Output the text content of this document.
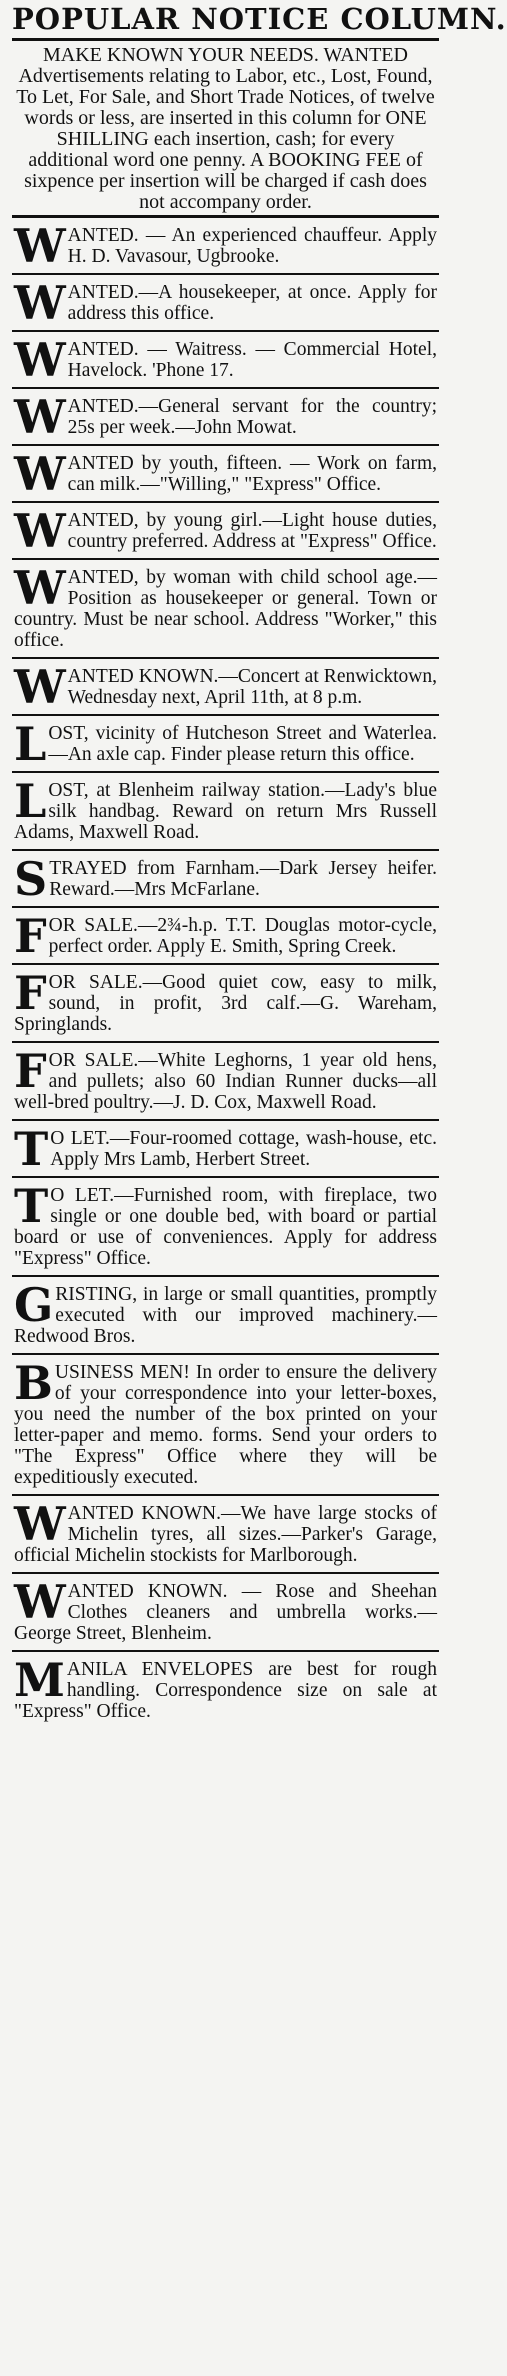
POPULAR NOTICE COLUMN.
MAKE KNOWN YOUR NEEDS. WANTED Advertisements relating to Labor, etc., Lost, Found, To Let, For Sale, and Short Trade Notices, of twelve words or less, are inserted in this column for ONE SHILLING each insertion, cash; for every additional word one penny. A BOOKING FEE of sixpence per insertion will be charged if cash does not accompany order.
WANTED. — An experienced chauffeur. Apply H. D. Vavasour, Ugbrooke.
WANTED.—A housekeeper, at once. Apply for address this office.
WANTED. — Waitress. — Commercial Hotel, Havelock. 'Phone 17.
WANTED.—General servant for the country; 25s per week.—John Mowat.
WANTED by youth, fifteen. — Work on farm, can milk.—"Willing," "Express" Office.
WANTED, by young girl.—Light house duties, country preferred. Address at "Express" Office.
WANTED, by woman with child school age.—Position as housekeeper or general. Town or country. Must be near school. Address "Worker," this office.
WANTED KNOWN.—Concert at Renwicktown, Wednesday next, April 11th, at 8 p.m.
LOST, vicinity of Hutcheson Street and Waterlea.—An axle cap. Finder please return this office.
LOST, at Blenheim railway station.—Lady's blue silk handbag. Reward on return Mrs Russell Adams, Maxwell Road.
STRAYED from Farnham.—Dark Jersey heifer. Reward.—Mrs McFarlane.
FOR SALE.—2¾-h.p. T.T. Douglas motor-cycle, perfect order. Apply E. Smith, Spring Creek.
FOR SALE.—Good quiet cow, easy to milk, sound, in profit, 3rd calf.—G. Wareham, Springlands.
FOR SALE.—White Leghorns, 1 year old hens, and pullets; also 60 Indian Runner ducks—all well-bred poultry.—J. D. Cox, Maxwell Road.
T O LET.—Four-roomed cottage, wash-house, etc. Apply Mrs Lamb, Herbert Street.
T O LET.—Furnished room, with fireplace, two single or one double bed, with board or partial board or use of conveniences. Apply for address "Express" Office.
GRISTING, in large or small quantities, promptly executed with our improved machinery.—Redwood Bros.
BUSINESS MEN! In order to ensure the delivery of your correspondence into your letter-boxes, you need the number of the box printed on your letter-paper and memo. forms. Send your orders to "The Express" Office where they will be expeditiously executed.
WANTED KNOWN.—We have large stocks of Michelin tyres, all sizes.—Parker's Garage, official Michelin stockists for Marlborough.
WANTED KNOWN. — Rose and Sheehan Clothes cleaners and umbrella works.—George Street, Blenheim.
MANILA ENVELOPES are best for rough handling. Correspondence size on sale at "Express" Office.
